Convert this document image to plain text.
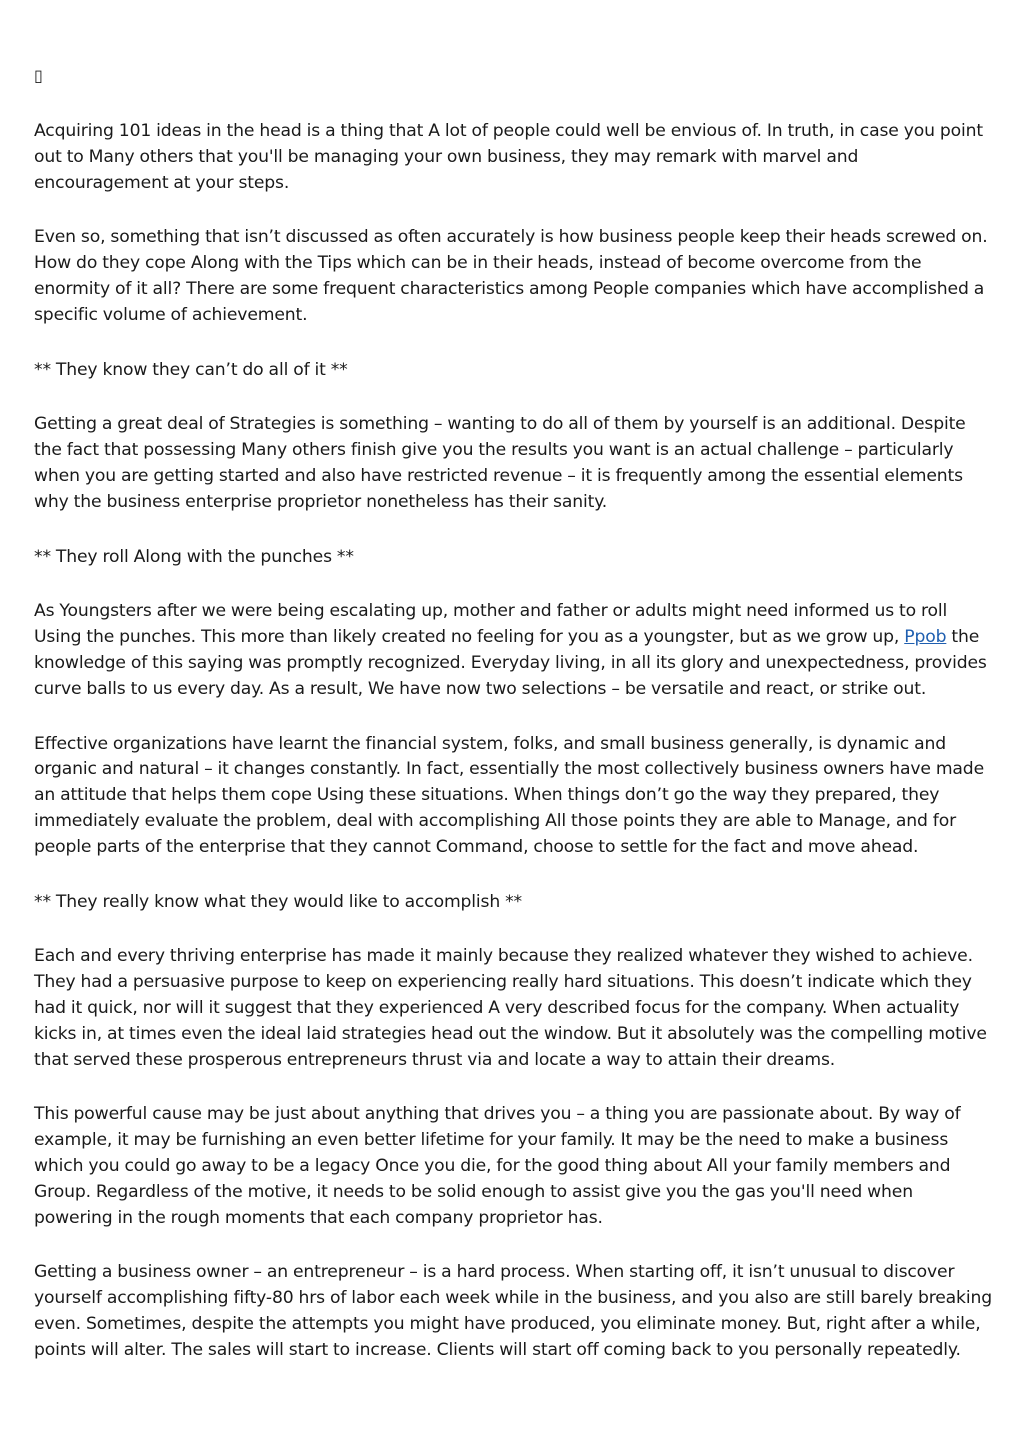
▯

Acquiring 101 ideas in the head is a thing that A lot of people could well be envious of. In truth, in case you point out to Many others that you'll be managing your own business, they may remark with marvel and encouragement at your steps.

Even so, something that isn’t discussed as often accurately is how business people keep their heads screwed on. How do they cope Along with the Tips which can be in their heads, instead of become overcome from the enormity of it all? There are some frequent characteristics among People companies which have accomplished a specific volume of achievement.

** They know they can’t do all of it **

Getting a great deal of Strategies is something – wanting to do all of them by yourself is an additional. Despite the fact that possessing Many others finish give you the results you want is an actual challenge – particularly when you are getting started and also have restricted revenue – it is frequently among the essential elements why the business enterprise proprietor nonetheless has their sanity.

** They roll Along with the punches **

As Youngsters after we were being escalating up, mother and father or adults might need informed us to roll Using the punches. This more than likely created no feeling for you as a youngster, but as we grow up, Ppob the knowledge of this saying was promptly recognized. Everyday living, in all its glory and unexpectedness, provides curve balls to us every day. As a result, We have now two selections – be versatile and react, or strike out.

Effective organizations have learnt the financial system, folks, and small business generally, is dynamic and organic and natural – it changes constantly. In fact, essentially the most collectively business owners have made an attitude that helps them cope Using these situations. When things don’t go the way they prepared, they immediately evaluate the problem, deal with accomplishing All those points they are able to Manage, and for people parts of the enterprise that they cannot Command, choose to settle for the fact and move ahead.

** They really know what they would like to accomplish **

Each and every thriving enterprise has made it mainly because they realized whatever they wished to achieve. They had a persuasive purpose to keep on experiencing really hard situations. This doesn’t indicate which they had it quick, nor will it suggest that they experienced A very described focus for the company. When actuality kicks in, at times even the ideal laid strategies head out the window. But it absolutely was the compelling motive that served these prosperous entrepreneurs thrust via and locate a way to attain their dreams.

This powerful cause may be just about anything that drives you – a thing you are passionate about. By way of example, it may be furnishing an even better lifetime for your family. It may be the need to make a business which you could go away to be a legacy Once you die, for the good thing about All your family members and Group. Regardless of the motive, it needs to be solid enough to assist give you the gas you'll need when powering in the rough moments that each company proprietor has.

Getting a business owner – an entrepreneur – is a hard process. When starting off, it isn’t unusual to discover yourself accomplishing fifty-80 hrs of labor each week while in the business, and you also are still barely breaking even. Sometimes, despite the attempts you might have produced, you eliminate money. But, right after a while, points will alter. The sales will start to increase. Clients will start off coming back to you personally repeatedly.
